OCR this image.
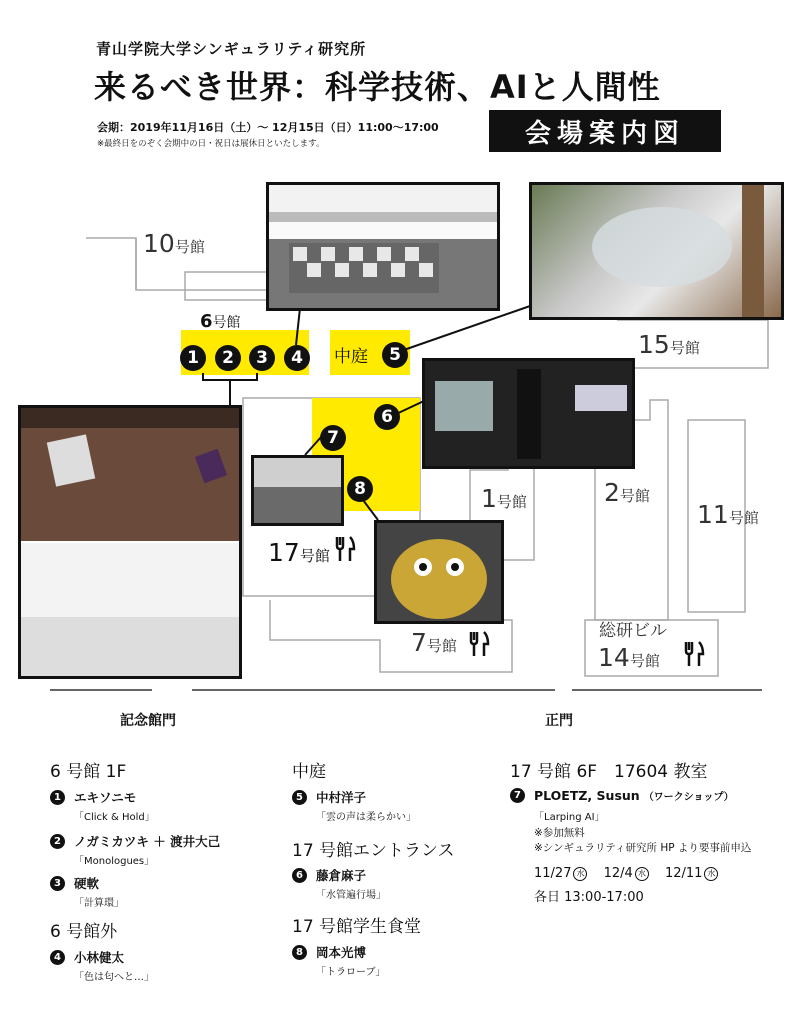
青山学院大学シンギュラリティ研究所
来るべき世界：科学技術、AIと人間性
会期：2019年11月16日（土）～ 12月15日（日）11:00～17:00
※最終日をのぞく会期中の日・祝日は展休日といたします。	会場案内図
10号館
6号館
15号館
1号館	2号館
11号館
17号館
7号館	14号館
総研ビル
中庭
1	2	3	4	5
6
7
8
記念館門	正門
6 号館 1F
1	エキソニモ
「Click & Hold」
2	ノガミカツキ ＋ 渡井大己
「Monologues」
3	硬軟
「計算環」
6 号館外
4	小林健太
「色は匂へと…」
中庭
5	中村洋子
「雲の声は柔らかい」
17 号館エントランス
6	藤倉麻子
「水管遍行場」
17 号館学生食堂
8	岡本光博
「トラローブ」
17 号館 6F　17604 教室
7	PLOETZ, Susun （ワークショップ）
「Larping AI」
※参加無料
※シンギュラリティ研究所 HP より要事前申込
11/27 水 12/4 水 12/11 水
各日 13:00-17:00
